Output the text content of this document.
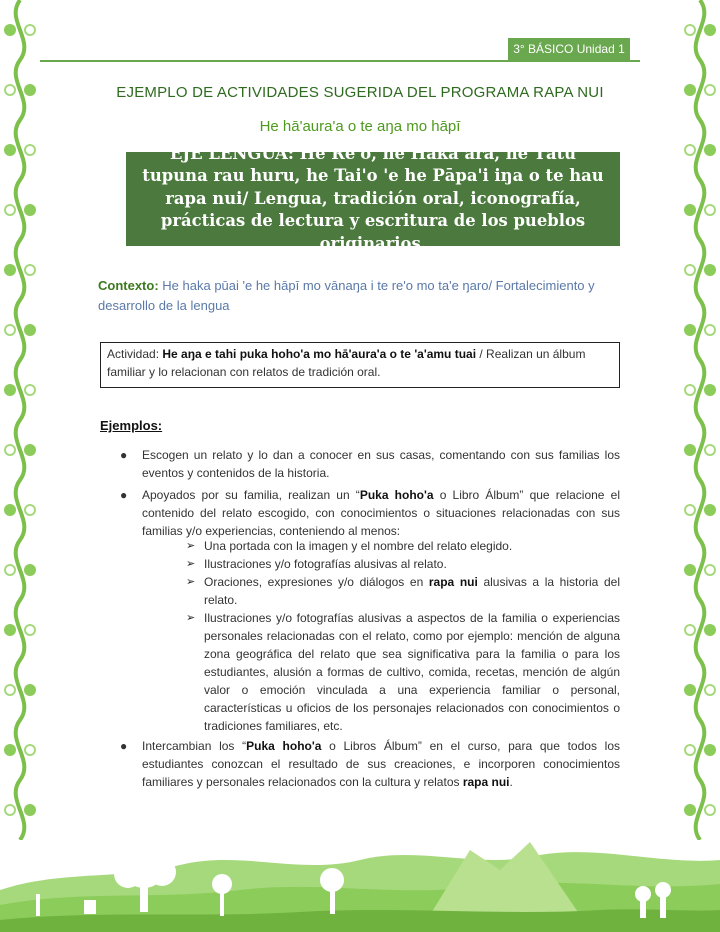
3° BÁSICO Unidad 1
EJEMPLO DE ACTIVIDADES SUGERIDA DEL PROGRAMA RAPA NUI
He hā'aura'a o te aŋa mo hāpī
EJE LENGUA: He Re'o, he Haka ara, he Tātū tupuna rau huru, he Tai'o 'e he Pāpa'i iŋa o te hau rapa nui/ Lengua, tradición oral, iconografía, prácticas de lectura y escritura de los pueblos originarios.
Contexto: He haka pūai 'e he hāpī mo vānaŋa i te re'o mo ta'e ŋaro/ Fortalecimiento y desarrollo de la lengua
Actividad: He aŋa e tahi puka hoho'a mo hā'aura'a o te 'a'amu tuai / Realizan un álbum familiar y lo relacionan con relatos de tradición oral.
Ejemplos:
● Escogen un relato y lo dan a conocer en sus casas, comentando con sus familias los eventos y contenidos de la historia.
● Apoyados por su familia, realizan un “Puka hoho'a o Libro Álbum” que relacione el contenido del relato escogido, con conocimientos o situaciones relacionadas con sus familias y/o experiencias, conteniendo al menos:
➢ Una portada con la imagen y el nombre del relato elegido.
➢ Ilustraciones y/o fotografías alusivas al relato.
➢ Oraciones, expresiones y/o diálogos en rapa nui alusivas a la historia del relato.
➢ Ilustraciones y/o fotografías alusivas a aspectos de la familia o experiencias personales relacionadas con el relato, como por ejemplo: mención de alguna zona geográfica del relato que sea significativa para la familia o para los estudiantes, alusión a formas de cultivo, comida, recetas, mención de algún valor o emoción vinculada a una experiencia familiar o personal, características u oficios de los personajes relacionados con conocimientos o tradiciones familiares, etc.
● Intercambian los “Puka hoho'a o Libros Álbum” en el curso, para que todos los estudiantes conozcan el resultado de sus creaciones, e incorporen conocimientos familiares y personales relacionados con la cultura y relatos rapa nui.
